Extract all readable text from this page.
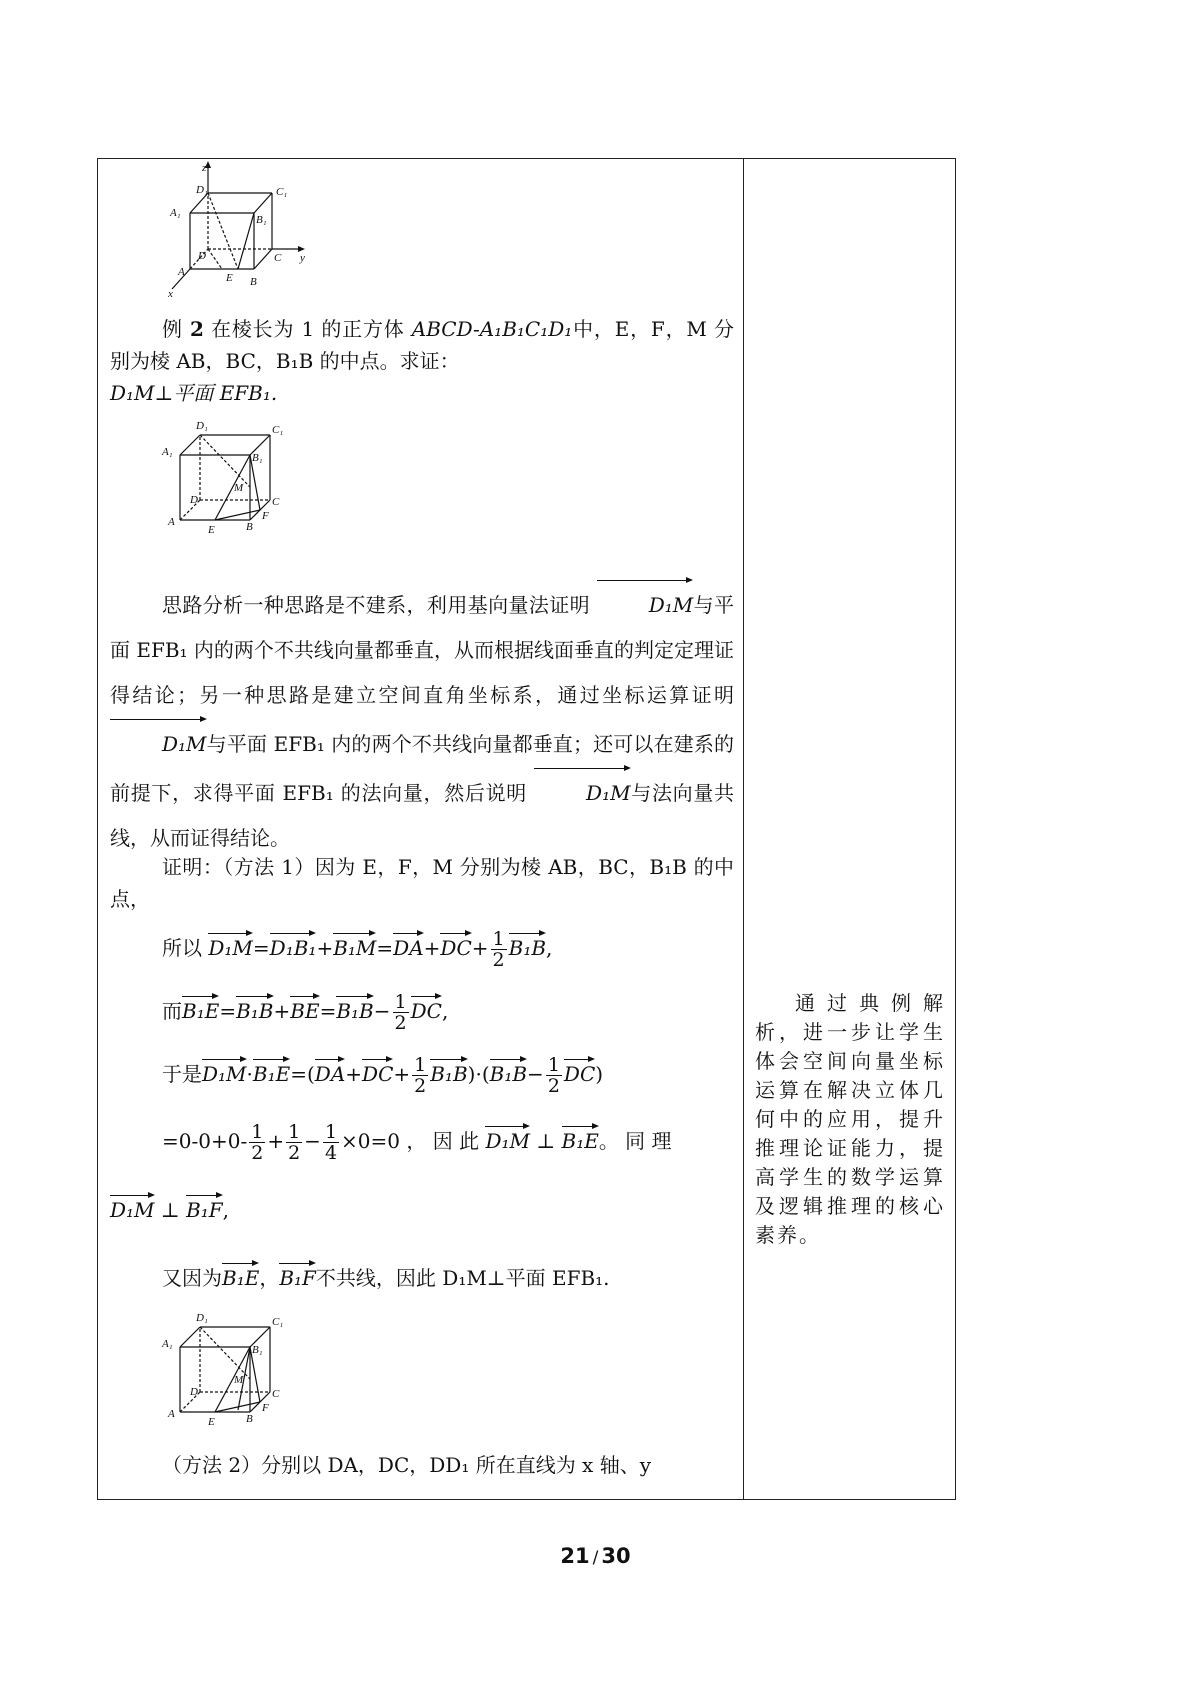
z
y
x
D₁	C₁
A₁
B₁
D	C
A	E B

例 2 在棱长为 1 的正方体 ABCD-A₁B₁C₁D₁中，E，F，M 分别为棱 AB，BC，B₁B 的中点。求证：
D₁M⊥平面 EFB₁.

D₁	C₁
A₁	B₁
M
D	C
A
E	B
F

思路分析一种思路是不建系，利用基向量法证明	D₁M与平面 EFB₁ 内的两个不共线向量都垂直，从而根据线面垂直的判定定理证得结论；另一种思路是建立空间直角坐标系，通过坐标运算证明 D₁M与平面 EFB₁ 内的两个不共线向量都垂直；还可以在建系的前提下，求得平面 EFB₁ 的法向量，然后说明	D₁M与法向量共线，从而证得结论。

证明：（方法 1）因为 E，F，M 分别为棱 AB，BC，B₁B 的中点，

所以 $D_1M=D_1B_1+B_1M=DA+DC+ \frac{1}{2} B_1B$,
而$B_1E=B_1B+BE=B_1B- \frac{1}{2}$ DC,
于是$D_1M\cdot B_1E=(DA+DC+ \frac{1}{2} B_1B)\cdot(B_1B- \frac{1}{2} DC)$
$=0-0+0- \frac{1}{2} + \frac{1}{2} - \frac{1}{4} \times 0=0$ ， 因 此 D₁M ⊥ B₁E。 同 理
D₁M ⊥ B₁F,
又因为B₁E，B₁F不共线，因此 D₁M⊥平面 EFB₁.
D₁	C₁
A₁	B₁
M
D	C
A
E	B
F

（方法 2）分别以 DA，DC，DD₁ 所在直线为 x 轴、y

通过典例解析，进一步让学生体会空间向量坐标运算在解决立体几何中的应用，提升推理论证能力，提高学生的数学运算及逻辑推理的核心素养。

21 / 30
